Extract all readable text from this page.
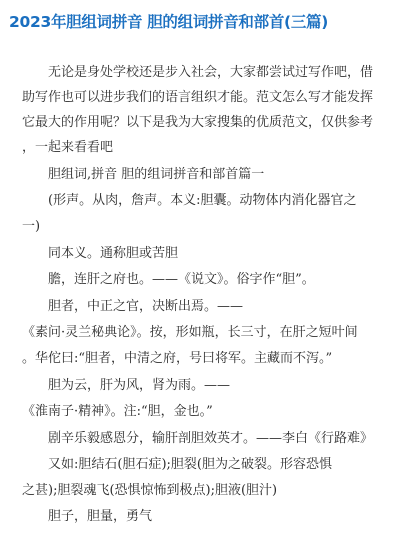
2023年胆组词拼音 胆的组词拼音和部首(三篇)
　　无论是身处学校还是步入社会，大家都尝试过写作吧，借
助写作也可以进步我们的语言组织才能。范文怎么写才能发挥
它最大的作用呢？以下是我为大家搜集的优质范文，仅供参考
，一起来看看吧
　　胆组词,拼音 胆的组词拼音和部首篇一
　　(形声。从肉，詹声。本义:胆囊。动物体内消化器官之
一)
　　同本义。通称胆或苦胆
　　膽，连肝之府也。——《说文》。俗字作“胆”。
　　胆者，中正之官，决断出焉。——
《素问·灵兰秘典论》。按，形如瓶，长三寸，在肝之短叶间
。华佗曰:“胆者，中清之府，号曰将军。主藏而不泻。”
　　胆为云，肝为风，肾为雨。——
《淮南子·精神》。注:“胆，金也。”
　　剧辛乐毅感恩分，输肝剖胆效英才。——李白《行路难》
　　又如:胆结石(胆石症);胆裂(胆为之破裂。形容恐惧
之甚);胆裂魂飞(恐惧惊怖到极点);胆液(胆汁)
　　胆子，胆量，勇气
